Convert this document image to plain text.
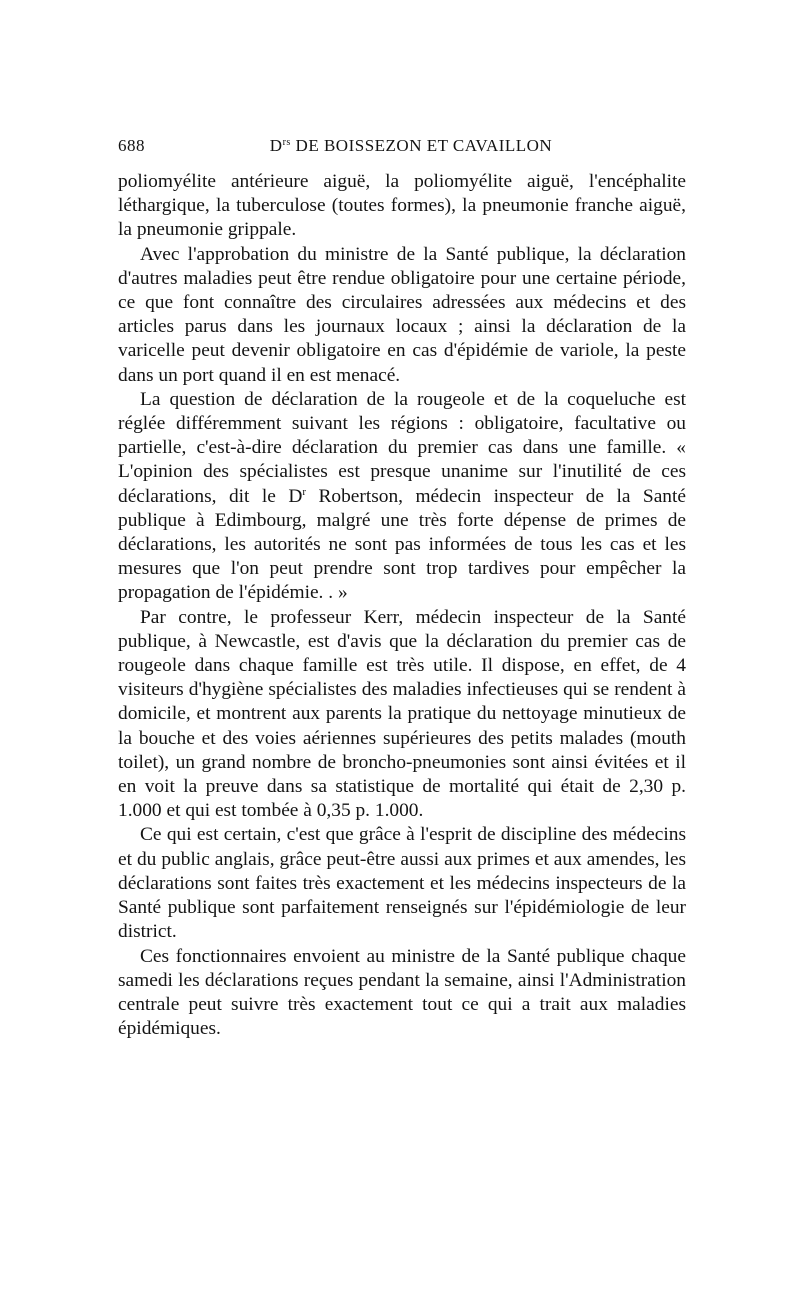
688	$D^{rs}$ DE BOISSEZON ET CAVAILLON

poliomyélite antérieure aiguë, la poliomyélite aiguë, l'encéphalite léthargique, la tuberculose (toutes formes), la pneumonie franche aiguë, la pneumonie grippale.

Avec l'approbation du ministre de la Santé publique, la déclaration d'autres maladies peut être rendue obligatoire pour une certaine période, ce que font connaître des circulaires adressées aux médecins et des articles parus dans les journaux locaux ; ainsi la déclaration de la varicelle peut devenir obligatoire en cas d'épidémie de variole, la peste dans un port quand il en est menacé.

La question de déclaration de la rougeole et de la coqueluche est réglée différemment suivant les régions : obligatoire, facultative ou partielle, c'est-à-dire déclaration du premier cas dans une famille. « L'opinion des spécialistes est presque unanime sur l'inutilité de ces déclarations, dit le $D^r$ Robertson, médecin inspecteur de la Santé publique à Edimbourg, malgré une très forte dépense de primes de déclarations, les autorités ne sont pas informées de tous les cas et les mesures que l'on peut prendre sont trop tardives pour empêcher la propagation de l'épidémie. . »

Par contre, le professeur Kerr, médecin inspecteur de la Santé publique, à Newcastle, est d'avis que la déclaration du premier cas de rougeole dans chaque famille est très utile. Il dispose, en effet, de 4 visiteurs d'hygiène spécialistes des maladies infectieuses qui se rendent à domicile, et montrent aux parents la pratique du nettoyage minutieux de la bouche et des voies aériennes supérieures des petits malades (mouth toilet), un grand nombre de broncho-pneumonies sont ainsi évitées et il en voit la preuve dans sa statistique de mortalité qui était de 2,30 p. 1.000 et qui est tombée à 0,35 p. 1.000.

Ce qui est certain, c'est que grâce à l'esprit de discipline des médecins et du public anglais, grâce peut-être aussi aux primes et aux amendes, les déclarations sont faites très exactement et les médecins inspecteurs de la Santé publique sont parfaitement renseignés sur l'épidémiologie de leur district.

Ces fonctionnaires envoient au ministre de la Santé publique chaque samedi les déclarations reçues pendant la semaine, ainsi l'Administration centrale peut suivre très exactement tout ce qui a trait aux maladies épidémiques.
